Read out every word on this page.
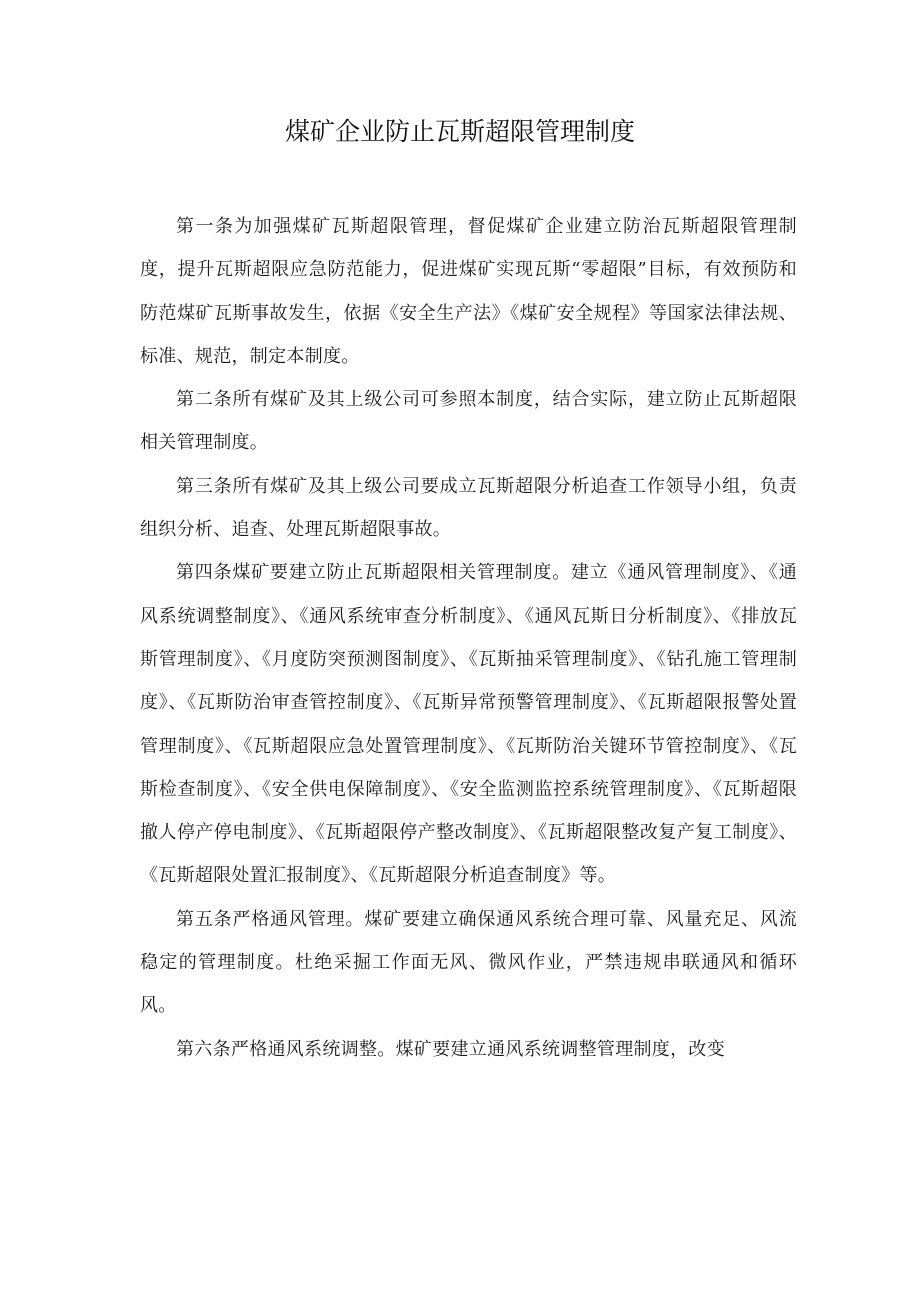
煤矿企业防止瓦斯超限管理制度

第一条为加强煤矿瓦斯超限管理，督促煤矿企业建立防治瓦斯超限管理制度，提升瓦斯超限应急防范能力，促进煤矿实现瓦斯“零超限”目标，有效预防和防范煤矿瓦斯事故发生，依据《安全生产法》《煤矿安全规程》等国家法律法规、标准、规范，制定本制度。

第二条所有煤矿及其上级公司可参照本制度，结合实际，建立防止瓦斯超限相关管理制度。

第三条所有煤矿及其上级公司要成立瓦斯超限分析追查工作领导小组，负责组织分析、追查、处理瓦斯超限事故。

第四条煤矿要建立防止瓦斯超限相关管理制度。建立《通风管理制度》、《通风系统调整制度》、《通风系统审查分析制度》、《通风瓦斯日分析制度》、《排放瓦斯管理制度》、《月度防突预测图制度》、《瓦斯抽采管理制度》、《钻孔施工管理制度》、《瓦斯防治审查管控制度》、《瓦斯异常预警管理制度》、《瓦斯超限报警处置管理制度》、《瓦斯超限应急处置管理制度》、《瓦斯防治关键环节管控制度》、《瓦斯检查制度》、《安全供电保障制度》、《安全监测监控系统管理制度》、《瓦斯超限撤人停产停电制度》、《瓦斯超限停产整改制度》、《瓦斯超限整改复产复工制度》、《瓦斯超限处置汇报制度》、《瓦斯超限分析追查制度》等。

第五条严格通风管理。煤矿要建立确保通风系统合理可靠、风量充足、风流稳定的管理制度。杜绝采掘工作面无风、微风作业，严禁违规串联通风和循环风。

第六条严格通风系统调整。煤矿要建立通风系统调整管理制度，改变
